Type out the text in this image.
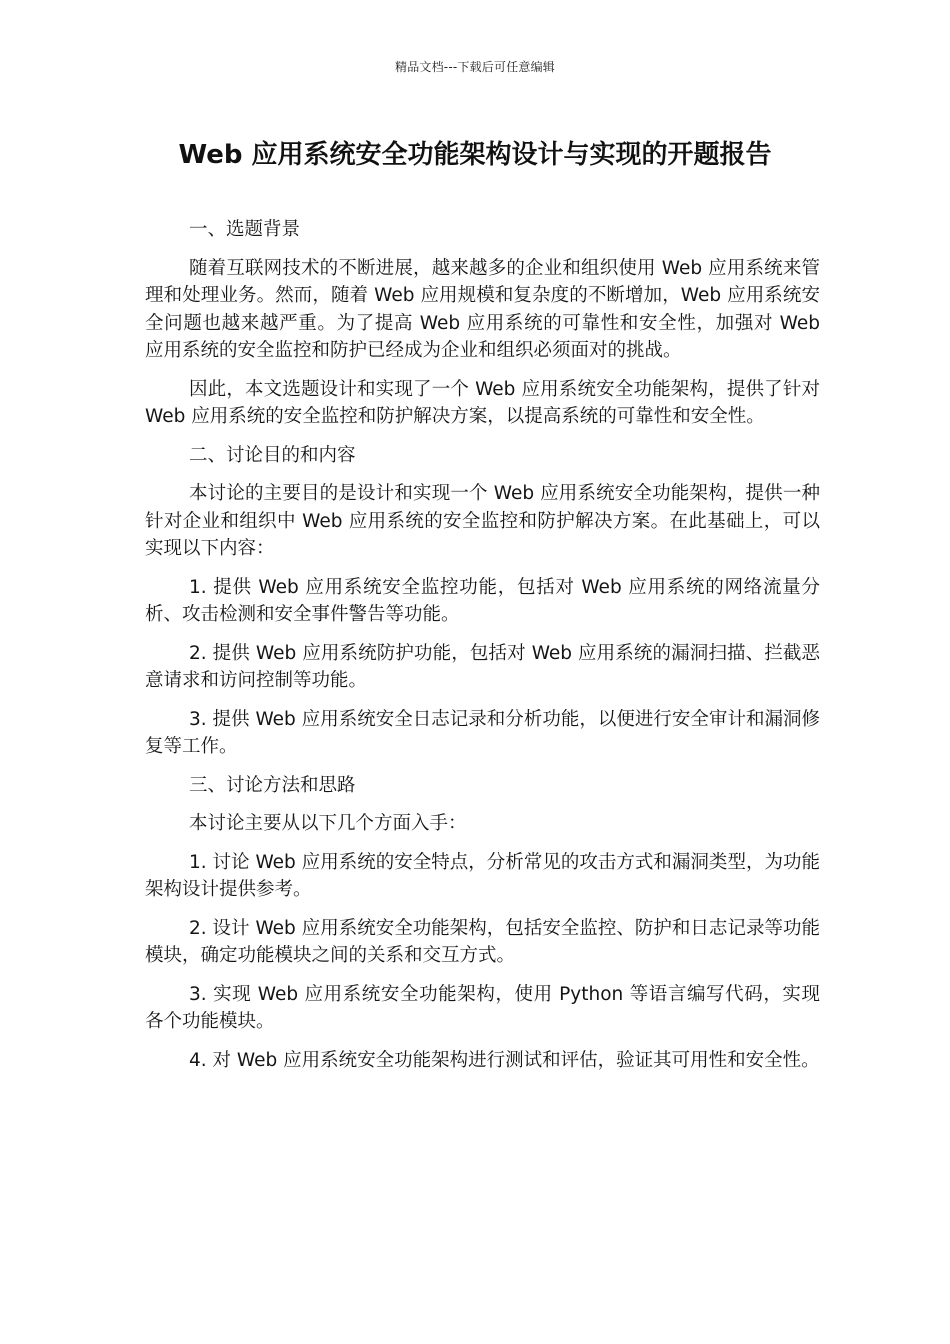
精品文档---下载后可任意编辑
Web 应用系统安全功能架构设计与实现的开题报告
一、选题背景

随着互联网技术的不断进展，越来越多的企业和组织使用 Web 应用系统来管理和处理业务。然而，随着 Web 应用规模和复杂度的不断增加，Web 应用系统安全问题也越来越严重。为了提高 Web 应用系统的可靠性和安全性，加强对 Web 应用系统的安全监控和防护已经成为企业和组织必须面对的挑战。

因此，本文选题设计和实现了一个 Web 应用系统安全功能架构，提供了针对 Web 应用系统的安全监控和防护解决方案，以提高系统的可靠性和安全性。

二、讨论目的和内容

本讨论的主要目的是设计和实现一个 Web 应用系统安全功能架构，提供一种针对企业和组织中 Web 应用系统的安全监控和防护解决方案。在此基础上，可以实现以下内容：

1. 提供 Web 应用系统安全监控功能，包括对 Web 应用系统的网络流量分析、攻击检测和安全事件警告等功能。

2. 提供 Web 应用系统防护功能，包括对 Web 应用系统的漏洞扫描、拦截恶意请求和访问控制等功能。

3. 提供 Web 应用系统安全日志记录和分析功能，以便进行安全审计和漏洞修复等工作。

三、讨论方法和思路

本讨论主要从以下几个方面入手：

1. 讨论 Web 应用系统的安全特点，分析常见的攻击方式和漏洞类型，为功能架构设计提供参考。

2. 设计 Web 应用系统安全功能架构，包括安全监控、防护和日志记录等功能模块，确定功能模块之间的关系和交互方式。

3. 实现 Web 应用系统安全功能架构，使用 Python 等语言编写代码，实现各个功能模块。

4. 对 Web 应用系统安全功能架构进行测试和评估，验证其可用性和安全性。
